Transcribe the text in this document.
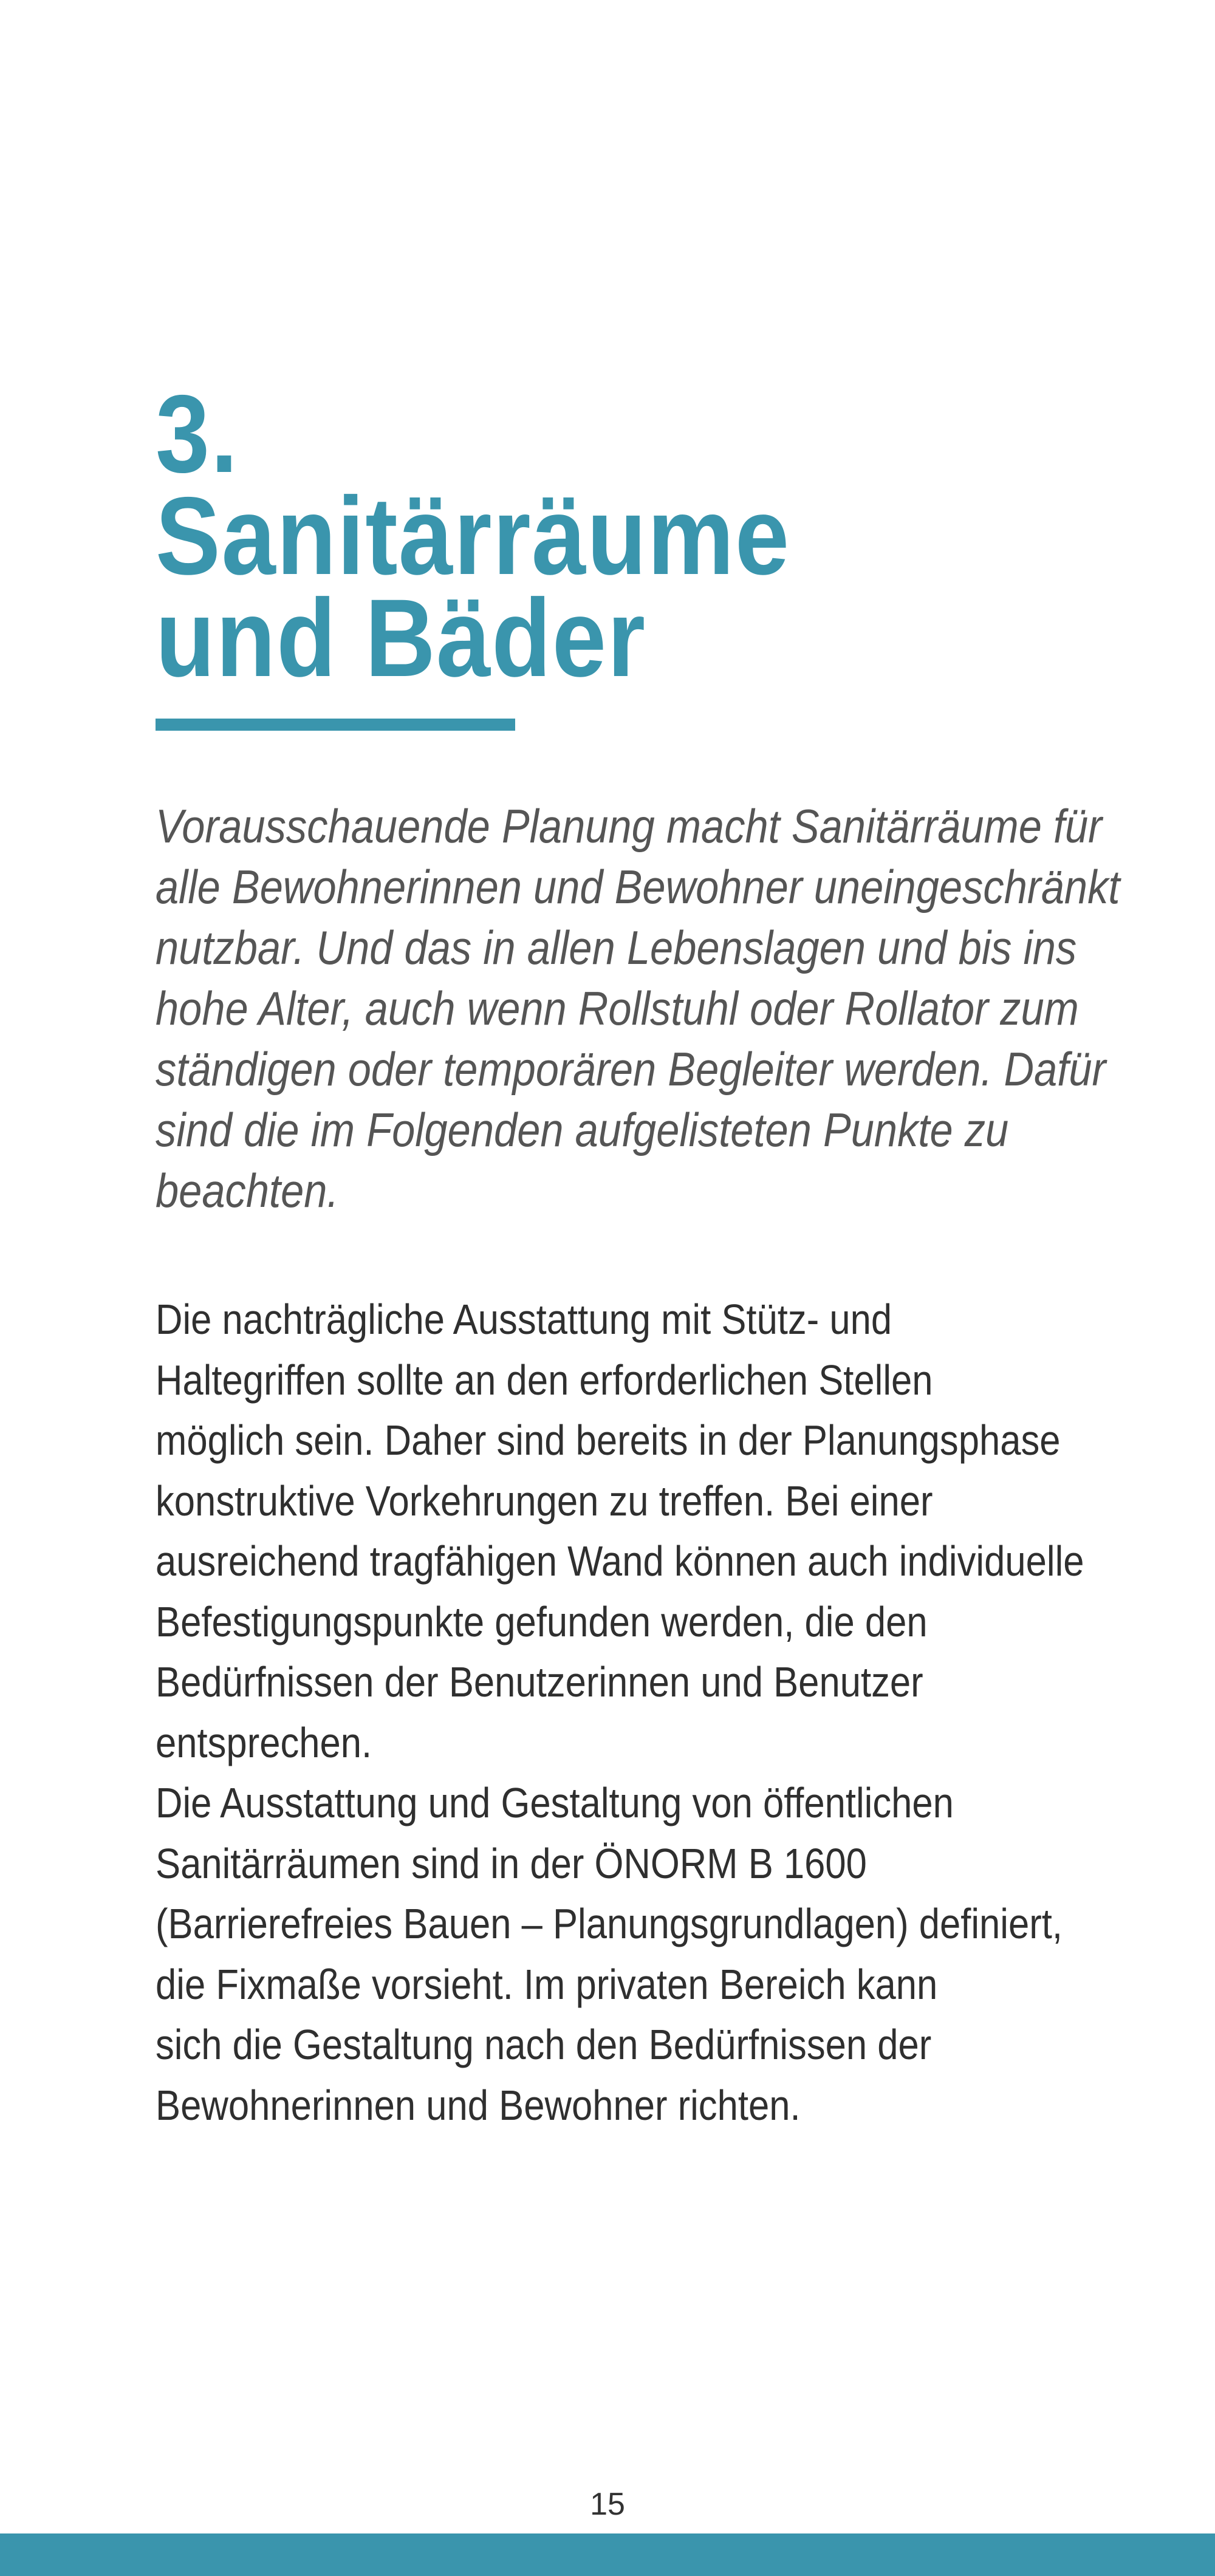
3.
Sanitärräume
und Bäder
Vorausschauende Planung macht Sanitärräume für
alle Bewohnerinnen und Bewohner uneingeschränkt
nutzbar. Und das in allen Lebenslagen und bis ins
hohe Alter, auch wenn Rollstuhl oder Rollator zum
ständigen oder temporären Begleiter werden. Dafür
sind die im Folgenden aufgelisteten Punkte zu
beachten.
Die nachträgliche Ausstattung mit Stütz- und
Haltegriffen sollte an den erforderlichen Stellen
möglich sein. Daher sind bereits in der Planungsphase
konstruktive Vorkehrungen zu treffen. Bei einer
ausreichend tragfähigen Wand können auch individuelle
Befestigungspunkte gefunden werden, die den
Bedürfnissen der Benutzerinnen und Benutzer
entsprechen.
Die Ausstattung und Gestaltung von öffentlichen
Sanitärräumen sind in der ÖNORM B 1600
(Barrierefreies Bauen – Planungsgrundlagen) definiert,
die Fixmaße vorsieht. Im privaten Bereich kann
sich die Gestaltung nach den Bedürfnissen der
Bewohnerinnen und Bewohner richten.
15
